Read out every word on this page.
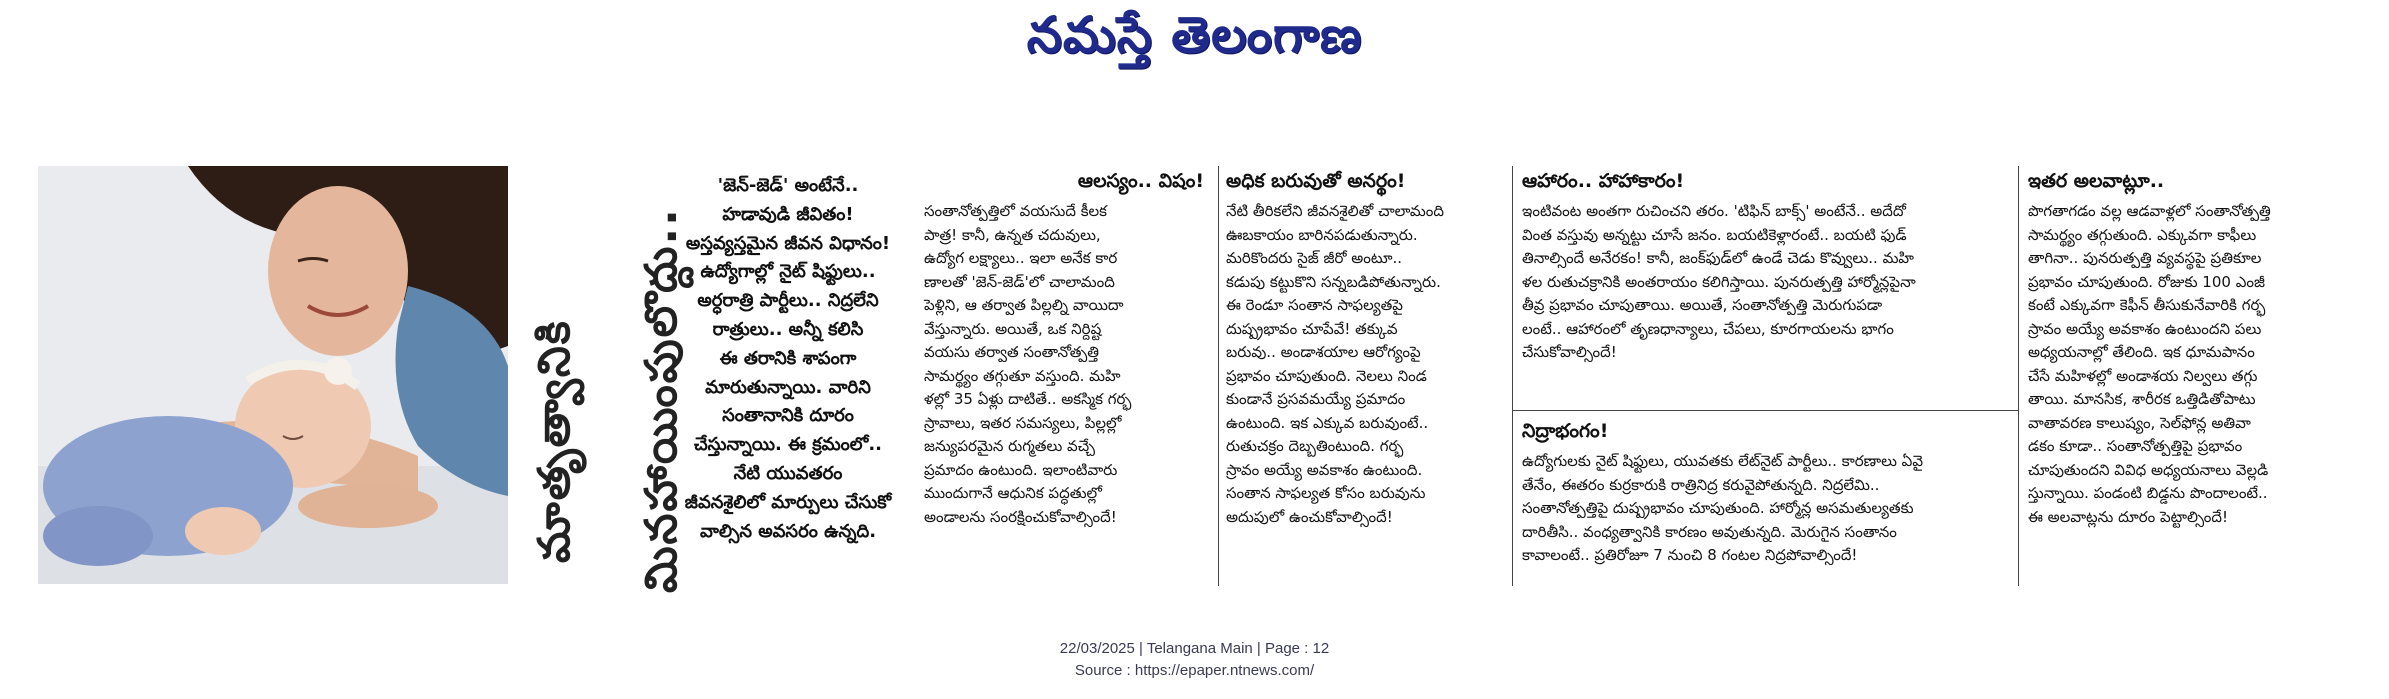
నమస్తే తెలంగాణ
మాతృత్వానికి మినహాయింపులొద్దు..
'జెన్‌-జెడ్‌' అంటేనే..
హడావుడి జీవితం!
అస్తవ్యస్తమైన జీవన విధానం!
ఉద్యోగాల్లో నైట్‌ షిఫ్టులు..
అర్ధరాత్రి పార్టీలు.. నిద్రలేని
రాత్రులు.. అన్నీ కలిసి
ఈ తరానికి శాపంగా
మారుతున్నాయి. వారిని
సంతానానికి దూరం
చేస్తున్నాయి. ఈ క్రమంలో..
నేటి యువతరం
జీవనశైలిలో మార్పులు చేసుకో
వాల్సిన అవసరం ఉన్నది.
ఆలస్యం.. విషం!
సంతానోత్పత్తిలో వయసుదే కీలక
పాత్ర! కానీ, ఉన్నత చదువులు,
ఉద్యోగ లక్ష్యాలు.. ఇలా అనేక కార
ణాలతో 'జెన్‌-జెడ్‌'లో చాలామంది
పెళ్లిని, ఆ తర్వాత పిల్లల్ని వాయిదా
వేస్తున్నారు. అయితే, ఒక నిర్దిష్ట
వయసు తర్వాత సంతానోత్పత్తి
సామర్థ్యం తగ్గుతూ వస్తుంది. మహి
ళల్లో 35 ఏళ్లు దాటితే.. అకస్మిక గర్భ
స్రావాలు, ఇతర సమస్యలు, పిల్లల్లో
జన్యుపరమైన రుగ్మతలు వచ్చే
ప్రమాదం ఉంటుంది. ఇలాంటివారు
ముందుగానే ఆధునిక పద్ధతుల్లో
అండాలను సంరక్షించుకోవాల్సిందే!
అధిక బరువుతో అనర్థం!
నేటి తీరికలేని జీవనశైలితో చాలామంది
ఊబకాయం బారినపడుతున్నారు.
మరికొందరు సైజ్‌ జీరో అంటూ..
కడుపు కట్టుకొని సన్నబడిపోతున్నారు.
ఈ రెండూ సంతాన సాఫల్యతపై
దుష్ప్రభావం చూపేవే! తక్కువ
బరువు.. అండాశయాల ఆరోగ్యంపై
ప్రభావం చూపుతుంది. నెలలు నిండ
కుండానే ప్రసవమయ్యే ప్రమాదం
ఉంటుంది. ఇక ఎక్కువ బరువుంటే..
రుతుచక్రం దెబ్బతింటుంది. గర్భ
స్రావం అయ్యే అవకాశం ఉంటుంది.
సంతాన సాఫల్యత కోసం బరువును
అదుపులో ఉంచుకోవాల్సిందే!
ఆహారం.. హాహాకారం!
ఇంటివంట అంతగా రుచించని తరం. 'టిఫిన్‌ బాక్స్‌' అంటేనే.. అదేదో
వింత వస్తువు అన్నట్టు చూసే జనం. బయటికెళ్లారంటే.. బయటి ఫుడ్‌
తినాల్సిందే అనేరకం! కానీ, జంక్‌ఫుడ్‌లో ఉండే చెడు కొవ్వులు.. మహి
ళల రుతుచక్రానికి అంతరాయం కలిగిస్తాయి. పునరుత్పత్తి హార్మోన్లపైనా
తీవ్ర ప్రభావం చూపుతాయి. అయితే, సంతానోత్పత్తి మెరుగుపడా
లంటే.. ఆహారంలో తృణధాన్యాలు, చేపలు, కూరగాయలను భాగం
చేసుకోవాల్సిందే!
నిద్రాభంగం!
ఉద్యోగులకు నైట్‌ షిఫ్టులు, యువతకు లేట్‌నైట్‌ పార్టీలు.. కారణాలు ఏవై
తేనేం, ఈతరం కుర్రకారుకి రాత్రినిద్ర కరువైపోతున్నది. నిద్రలేమి..
సంతానోత్పత్తిపై దుష్ప్రభావం చూపుతుంది. హార్మోన్ల అసమతుల్యతకు
దారితీసి.. వంధ్యత్వానికి కారణం అవుతున్నది. మెరుగైన సంతానం
కావాలంటే.. ప్రతిరోజూ 7 నుంచి 8 గంటల నిద్రపోవాల్సిందే!
ఇతర అలవాట్లూ..
పొగతాగడం వల్ల ఆడవాళ్లలో సంతానోత్పత్తి
సామర్థ్యం తగ్గుతుంది. ఎక్కువగా కాఫీలు
తాగినా.. పునరుత్పత్తి వ్యవస్థపై ప్రతికూల
ప్రభావం చూపుతుంది. రోజుకు 100 ఎంజీ
కంటే ఎక్కువగా కెఫీన్‌ తీసుకునేవారికి గర్భ
స్రావం అయ్యే అవకాశం ఉంటుందని పలు
అధ్యయనాల్లో తేలింది. ఇక ధూమపానం
చేసే మహిళల్లో అండాశయ నిల్వలు తగ్గు
తాయి. మానసిక, శారీరక ఒత్తిడితోపాటు
వాతావరణ కాలుష్యం, సెల్‌ఫోన్ల అతివా
డకం కూడా.. సంతానోత్పత్తిపై ప్రభావం
చూపుతుందని వివిధ అధ్యయనాలు వెల్లడి
స్తున్నాయి. పండంటి బిడ్డను పొందాలంటే..
ఈ అలవాట్లను దూరం పెట్టాల్సిందే!
22/03/2025 | Telangana Main | Page : 12
Source : https://epaper.ntnews.com/
